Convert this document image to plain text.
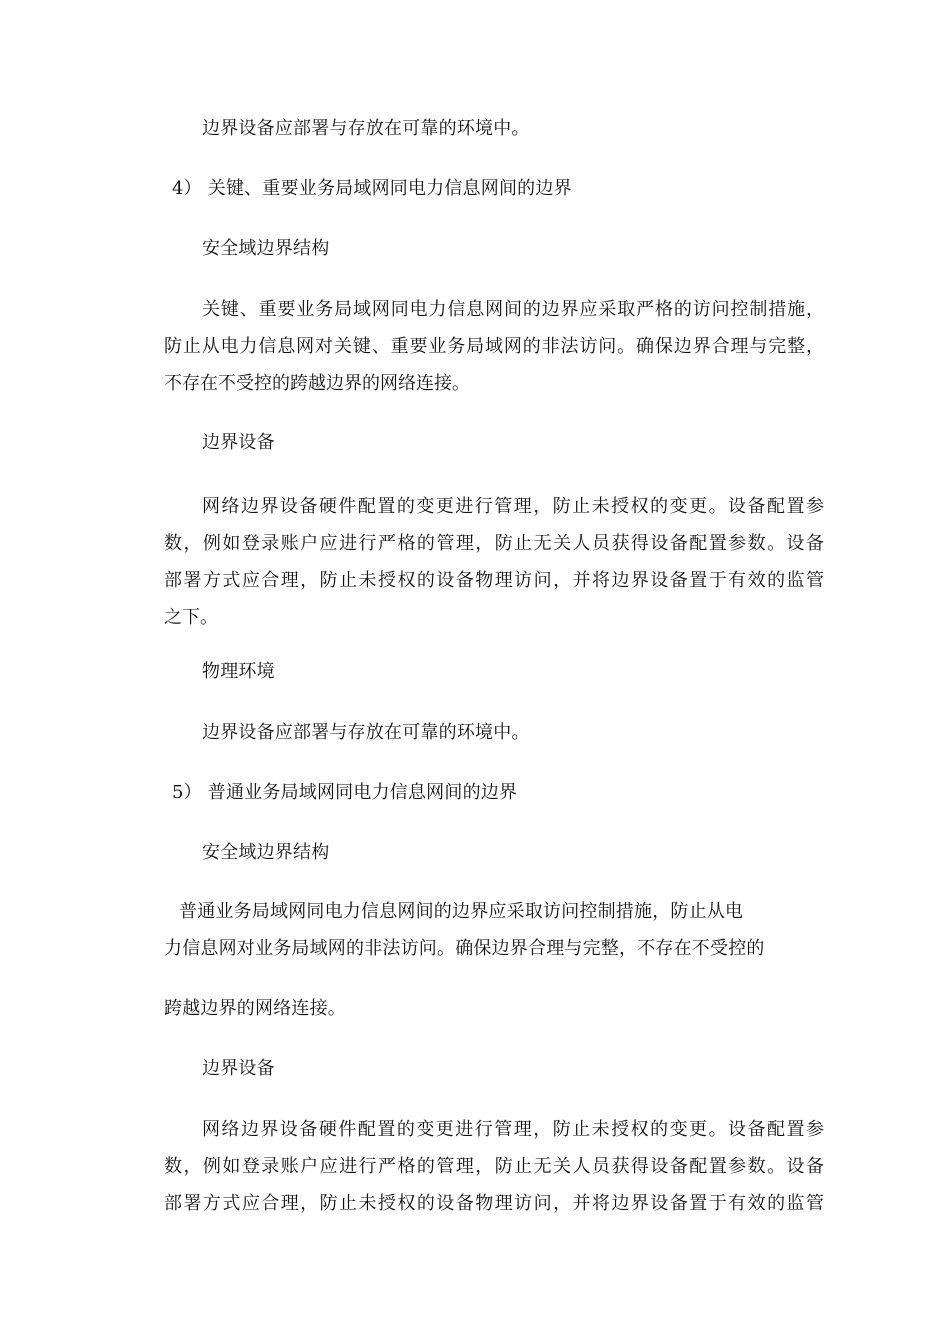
边界设备应部署与存放在可靠的环境中。
4） 关键、重要业务局域网同电力信息网间的边界
安全域边界结构
关键、重要业务局域网同电力信息网间的边界应采取严格的访问控制措施，
防止从电力信息网对关键、重要业务局域网的非法访问。确保边界合理与完整，
不存在不受控的跨越边界的网络连接。
边界设备
网络边界设备硬件配置的变更进行管理，防止未授权的变更。设备配置参
数，例如登录账户应进行严格的管理，防止无关人员获得设备配置参数。设备
部署方式应合理，防止未授权的设备物理访问，并将边界设备置于有效的监管
之下。
物理环境
边界设备应部署与存放在可靠的环境中。
5） 普通业务局域网同电力信息网间的边界
安全域边界结构
普通业务局域网同电力信息网间的边界应采取访问控制措施，防止从电
力信息网对业务局域网的非法访问。确保边界合理与完整，不存在不受控的
跨越边界的网络连接。
边界设备
网络边界设备硬件配置的变更进行管理，防止未授权的变更。设备配置参
数，例如登录账户应进行严格的管理，防止无关人员获得设备配置参数。设备
部署方式应合理，防止未授权的设备物理访问，并将边界设备置于有效的监管
